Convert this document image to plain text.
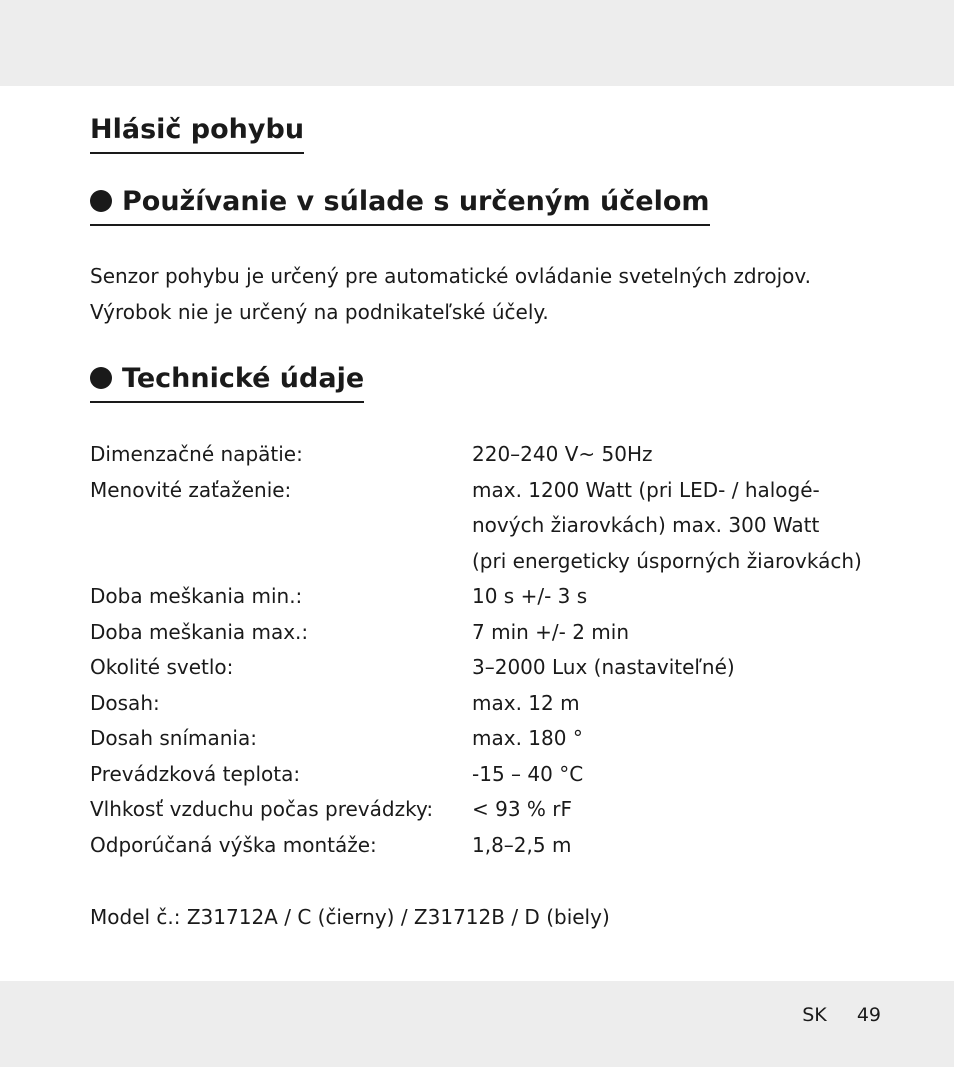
Hlásič pohybu
Používanie v súlade s určeným účelom
Senzor pohybu je určený pre automatické ovládanie svetelných zdrojov.
Výrobok nie je určený na podnikateľské účely.
Technické údaje
Dimenzačné napätie:	220–240 V~ 50Hz
Menovité zaťaženie:	max. 1200 Watt (pri LED- / halogé-
nových žiarovkách) max. 300 Watt
(pri energeticky úsporných žiarovkách)
Doba meškania min.:	10 s +/- 3 s
Doba meškania max.:	7 min +/- 2 min
Okolité svetlo:	3–2000 Lux (nastaviteľné)
Dosah:	max. 12 m
Dosah snímania:	max. 180 °
Prevádzková teplota:	-15 – 40 °C
Vlhkosť vzduchu počas prevádzky:	< 93 % rF
Odporúčaná výška montáže:	1,8–2,5 m
Model č.: Z31712A / C (čierny) / Z31712B / D (biely)
SK 49
